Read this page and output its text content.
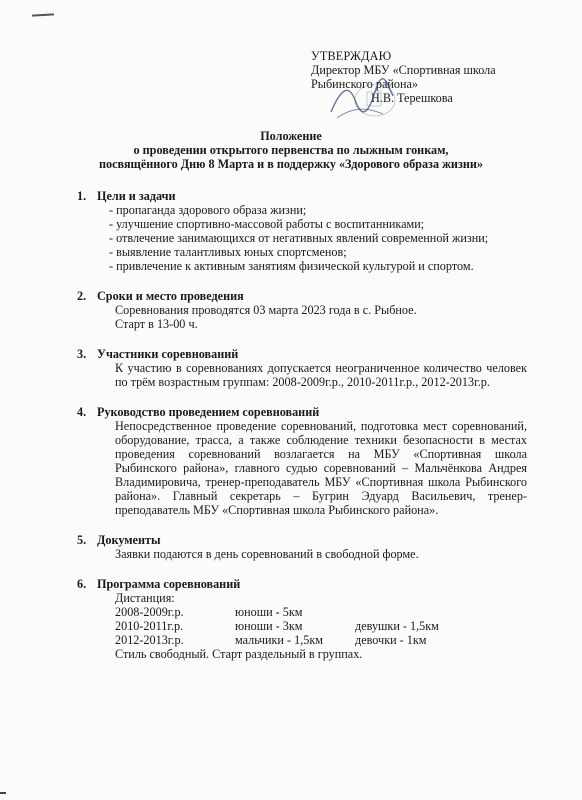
УТВЕРЖДАЮ
Директор МБУ «Спортивная школа
Рыбинского района»
Н.В. Терешкова
Положение
о проведении открытого первенства по лыжным гонкам,
посвящённого Дню 8 Марта и в поддержку «Здорового образа жизни»
1. Цели и задачи
- пропаганда здорового образа жизни;
- улучшение спортивно-массовой работы с воспитанниками;
- отвлечение занимающихся от негативных явлений современной жизни;
- выявление талантливых юных спортсменов;
- привлечение к активным занятиям физической культурой и спортом.
2. Сроки и место проведения
Соревнования проводятся 03 марта 2023 года в с. Рыбное.
Старт в 13-00 ч.
3. Участники соревнований
К участию в соревнованиях допускается неограниченное количество человек по трём возрастным группам: 2008-2009г.р., 2010-2011г.р., 2012-2013г.р.
4. Руководство проведением соревнований
Непосредственное проведение соревнований, подготовка мест соревнований, оборудование, трасса, а также соблюдение техники безопасности в местах проведения соревнований возлагается на МБУ «Спортивная школа Рыбинского района», главного судью соревнований – Мальчёнкова Андрея Владимировича, тренер-преподаватель МБУ «Спортивная школа Рыбинского района». Главный секретарь – Бугрин Эдуард Васильевич, тренер-преподаватель МБУ «Спортивная школа Рыбинского района».
5. Документы
Заявки подаются в день соревнований в свободной форме.
6. Программа соревнований
Дистанция:
2008-2009г.р.	юноши - 5км
2010-2011г.р.	юноши - 3км	девушки - 1,5км
2012-2013г.р.	мальчики - 1,5км	девочки - 1км
Стиль свободный. Старт раздельный в группах.
